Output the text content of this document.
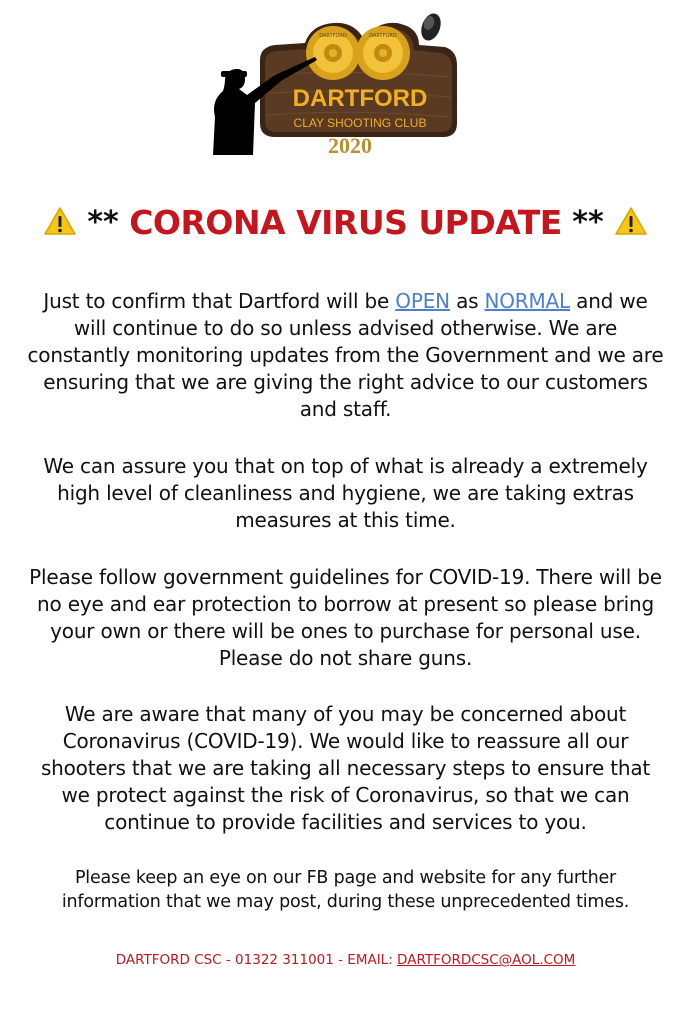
DARTFORD	DARTFORD
DARTFORD
CLAY SHOOTING CLUB
2020
** CORONA VIRUS UPDATE **
Just to confirm that Dartford will be OPEN as NORMAL and we will continue to do so unless advised otherwise. We are constantly monitoring updates from the Government and we are ensuring that we are giving the right advice to our customers and staff.
We can assure you that on top of what is already a extremely high level of cleanliness and hygiene, we are taking extras measures at this time.
Please follow government guidelines for COVID-19. There will be no eye and ear protection to borrow at present so please bring your own or there will be ones to purchase for personal use. Please do not share guns.
We are aware that many of you may be concerned about Coronavirus (COVID-19). We would like to reassure all our shooters that we are taking all necessary steps to ensure that we protect against the risk of Coronavirus, so that we can continue to provide facilities and services to you.
Please keep an eye on our FB page and website for any further information that we may post, during these unprecedented times.
DARTFORD CSC - 01322 311001 - EMAIL: DARTFORDCSC@AOL.COM
